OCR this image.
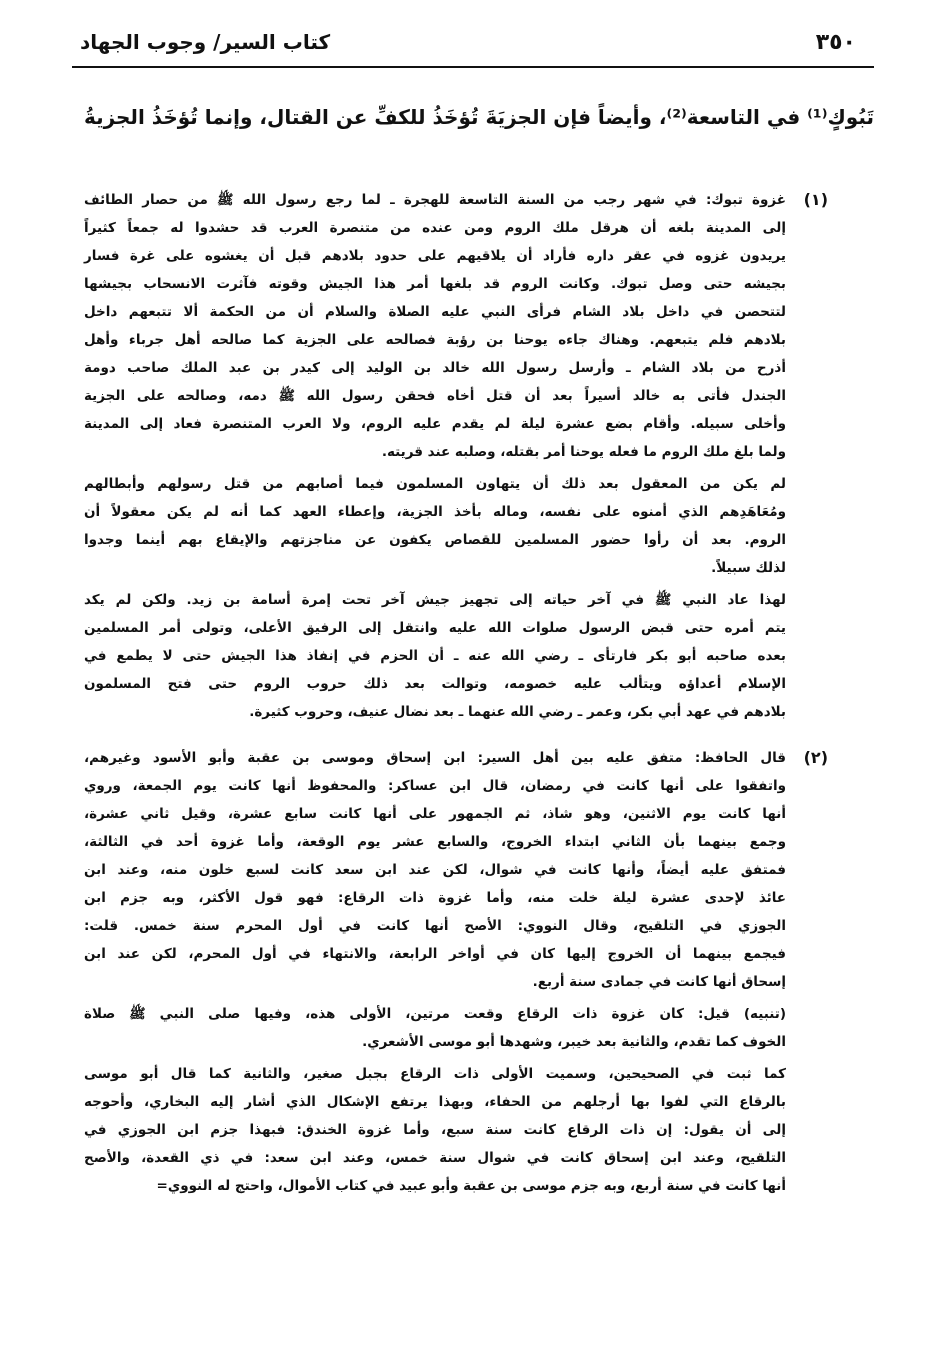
كتاب السير/ وجوب الجهاد	٣٥٠
تَبُوكٍ⁽¹⁾ في التاسعة⁽²⁾، وأيضاً فإن الجزيَةَ تُؤخَذُ للكفِّ عن القتال، وإنما تُؤخَذُ الجزيةُ
(١)
غزوة تبوك: في شهر رجب من السنة التاسعة للهجرة ـ لما رجع رسول الله ﷺ من حصار الطائف
إلى المدينة بلغه أن هرقل ملك الروم ومن عنده من متنصرة العرب قد حشدوا له جمعاً كثيراً
يريدون غزوه في عقر داره فأراد أن يلاقيهم على حدود بلادهم قبل أن يغشوه على غرة فسار
بجيشه حتى وصل تبوك. وكانت الروم قد بلغها أمر هذا الجيش وقوته فآثرت الانسحاب بجيشها
لتتحصن في داخل بلاد الشام فرأى النبي عليه الصلاة والسلام أن من الحكمة ألا تتبعهم داخل
بلادهم فلم يتبعهم. وهناك جاءه يوحنا بن رؤبة فصالحه على الجزية كما صالحه أهل جرباء وأهل
أذرح من بلاد الشام ـ وأرسل رسول الله خالد بن الوليد إلى كيدر بن عبد الملك صاحب دومة
الجندل فأتى به خالد أسيراً بعد أن قتل أخاه فحقن رسول الله ﷺ دمه، وصالحه على الجزية
وأخلى سبيله. وأقام بضع عشرة ليلة لم يقدم عليه الروم، ولا العرب المتنصرة فعاد إلى المدينة
ولما بلغ ملك الروم ما فعله يوحنا أمر بقتله، وصلبه عند قريته.
لم يكن من المعقول بعد ذلك أن يتهاون المسلمون فيما أصابهم من قتل رسولهم وأبطالهم
ومُعَاهَدِهم الذي أمنوه على نفسه، وماله بأخذ الجزية، وإعطاء العهد كما أنه لم يكن معقولاً أن
الروم. بعد أن رأوا حضور المسلمين للقصاص يكفون عن مناجزتهم والإيقاع بهم أينما وجدوا
لذلك سبيلاً.
لهذا عاد النبي ﷺ في آخر حياته إلى تجهيز جيش آخر تحت إمرة أسامة بن زيد. ولكن لم يكد
يتم أمره حتى قبض الرسول صلوات الله عليه وانتقل إلى الرفيق الأعلى، وتولى أمر المسلمين
بعده صاحبه أبو بكر فارتأى ـ رضي الله عنه ـ أن الحزم في إنفاذ هذا الجيش حتى لا يطمع في
الإسلام أعداؤه ويتألب عليه خصومه، وتوالت بعد ذلك حروب الروم حتى فتح المسلمون
بلادهم في عهد أبي بكر، وعمر ـ رضي الله عنهما ـ بعد نضال عنيف، وحروب كثيرة.
(٢)
قال الحافظ: متفق عليه بين أهل السير: ابن إسحاق وموسى بن عقبة وأبو الأسود وغيرهم،
واتفقوا على أنها كانت في رمضان، قال ابن عساكر: والمحفوظ أنها كانت يوم الجمعة، وروي
أنها كانت يوم الاثنين، وهو شاذ، ثم الجمهور على أنها كانت سابع عشرة، وقيل ثاني عشرة،
وجمع بينهما بأن الثاني ابتداء الخروج، والسابع عشر يوم الوقعة، وأما غزوة أحد في الثالثة،
فمتفق عليه أيضاً، وأنها كانت في شوال، لكن عند ابن سعد كانت لسبع خلون منه، وعند ابن
عائذ لإحدى عشرة ليلة خلت منه، وأما غزوة ذات الرقاع: فهو قول الأكثر، وبه جزم ابن
الجوزي في التلقيح، وقال النووي: الأصح أنها كانت في أول المحرم سنة خمس. قلت:
فيجمع بينهما أن الخروج إليها كان في أواخر الرابعة، والانتهاء في أول المحرم، لكن عند ابن
إسحاق أنها كانت في جمادى سنة أربع.
(تنبيه) قيل: كان غزوة ذات الرقاع وقعت مرتين، الأولى هذه، وفيها صلى النبي ﷺ صلاة
الخوف كما تقدم، والثانية بعد خيبر، وشهدها أبو موسى الأشعري.
كما ثبت في الصحيحين، وسميت الأولى ذات الرقاع بجبل صغير، والثانية كما قال أبو موسى
بالرقاع التي لفوا بها أرجلهم من الحفاء، وبهذا يرتفع الإشكال الذي أشار إليه البخاري، وأحوجه
إلى أن يقول: إن ذات الرقاع كانت سنة سبع، وأما غزوة الخندق: فبهذا جزم ابن الجوزي في
التلقيح، وعند ابن إسحاق كانت في شوال سنة خمس، وعند ابن سعد: في ذي القعدة، والأصح
أنها كانت في سنة أربع، وبه جزم موسى بن عقبة وأبو عبيد في كتاب الأموال، واحتج له النووي=
